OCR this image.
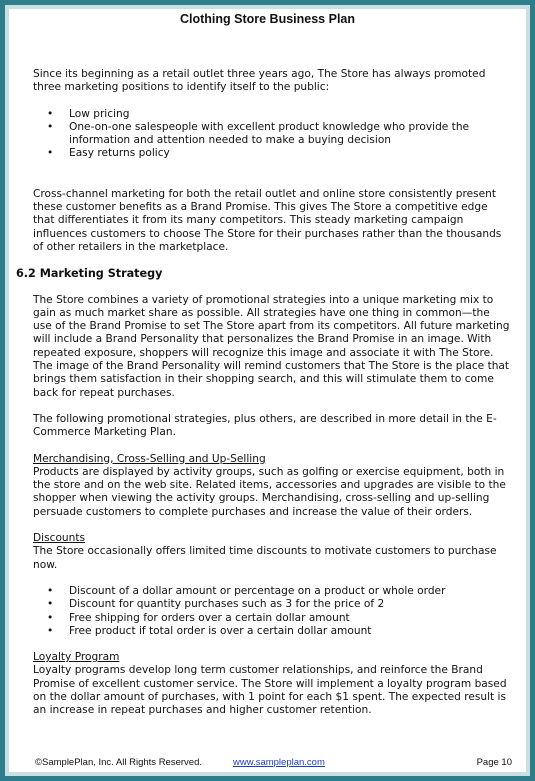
Clothing Store Business Plan

Since its beginning as a retail outlet three years ago, The Store has always promoted three marketing positions to identify itself to the public:

• Low pricing
• One-on-one salespeople with excellent product knowledge who provide the information and attention needed to make a buying decision
• Easy returns policy

Cross-channel marketing for both the retail outlet and online store consistently present these customer benefits as a Brand Promise. This gives The Store a competitive edge that differentiates it from its many competitors. This steady marketing campaign influences customers to choose The Store for their purchases rather than the thousands of other retailers in the marketplace.

6.2 Marketing Strategy

The Store combines a variety of promotional strategies into a unique marketing mix to gain as much market share as possible. All strategies have one thing in common—the use of the Brand Promise to set The Store apart from its competitors. All future marketing will include a Brand Personality that personalizes the Brand Promise in an image. With repeated exposure, shoppers will recognize this image and associate it with The Store. The image of the Brand Personality will remind customers that The Store is the place that brings them satisfaction in their shopping search, and this will stimulate them to come back for repeat purchases.

The following promotional strategies, plus others, are described in more detail in the E-Commerce Marketing Plan.

Merchandising, Cross-Selling and Up-Selling

Products are displayed by activity groups, such as golfing or exercise equipment, both in the store and on the web site. Related items, accessories and upgrades are visible to the shopper when viewing the activity groups. Merchandising, cross-selling and up-selling persuade customers to complete purchases and increase the value of their orders.

Discounts

The Store occasionally offers limited time discounts to motivate customers to purchase now.

• Discount of a dollar amount or percentage on a product or whole order
• Discount for quantity purchases such as 3 for the price of 2
• Free shipping for orders over a certain dollar amount
• Free product if total order is over a certain dollar amount

Loyalty Program

Loyalty programs develop long term customer relationships, and reinforce the Brand Promise of excellent customer service. The Store will implement a loyalty program based on the dollar amount of purchases, with 1 point for each $1 spent. The expected result is an increase in repeat purchases and higher customer retention.

©SamplePlan, Inc. All Rights Reserved.	www.sampleplan.com	Page 10
